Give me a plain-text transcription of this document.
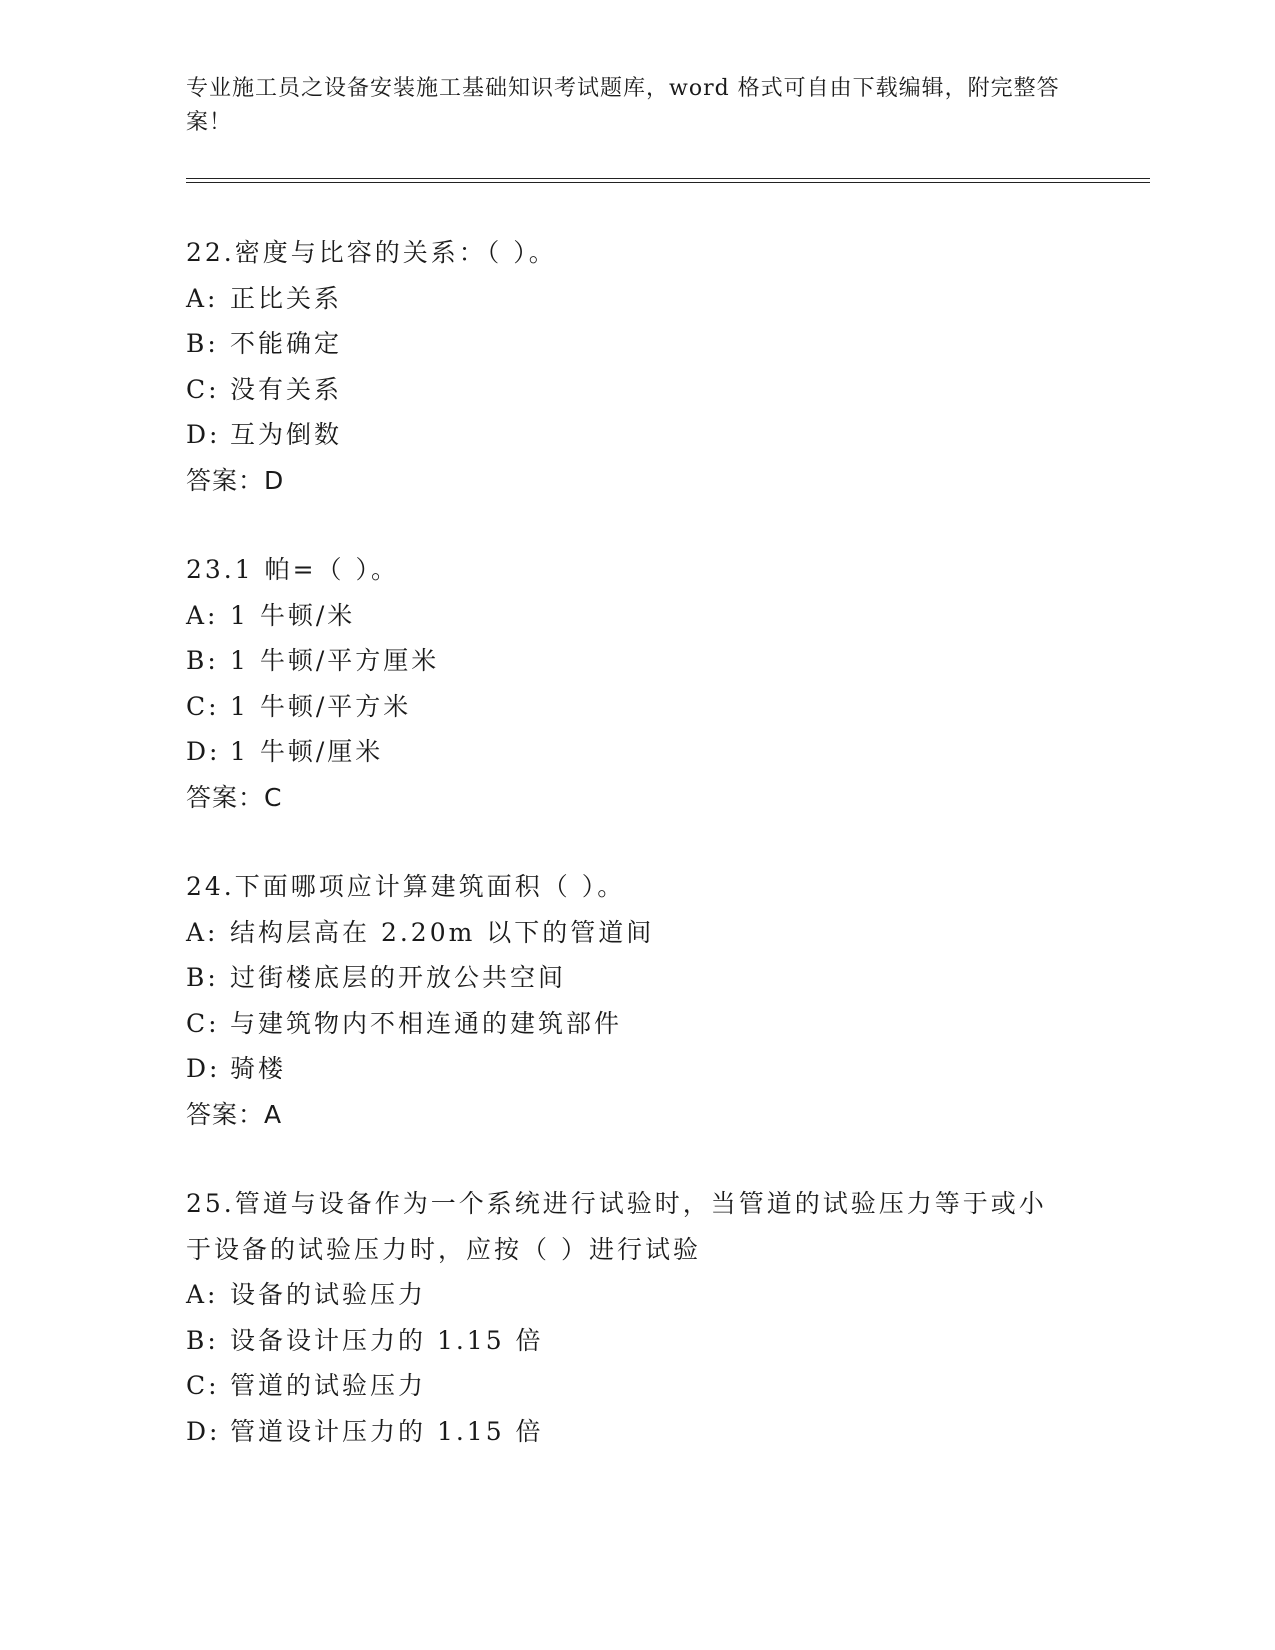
专业施工员之设备安装施工基础知识考试题库，word 格式可自由下载编辑，附完整答案！
22.密度与比容的关系：（ ）。
A: 正比关系
B: 不能确定
C: 没有关系
D: 互为倒数
答案：D
23.1 帕=（ ）。
A: 1 牛顿/米
B: 1 牛顿/平方厘米
C: 1 牛顿/平方米
D: 1 牛顿/厘米
答案：C
24.下面哪项应计算建筑面积（ ）。
A: 结构层高在 2.20m 以下的管道间
B: 过街楼底层的开放公共空间
C: 与建筑物内不相连通的建筑部件
D: 骑楼
答案：A
25.管道与设备作为一个系统进行试验时，当管道的试验压力等于或小于设备的试验压力时，应按（ ）进行试验
A: 设备的试验压力
B: 设备设计压力的 1.15 倍
C: 管道的试验压力
D: 管道设计压力的 1.15 倍
